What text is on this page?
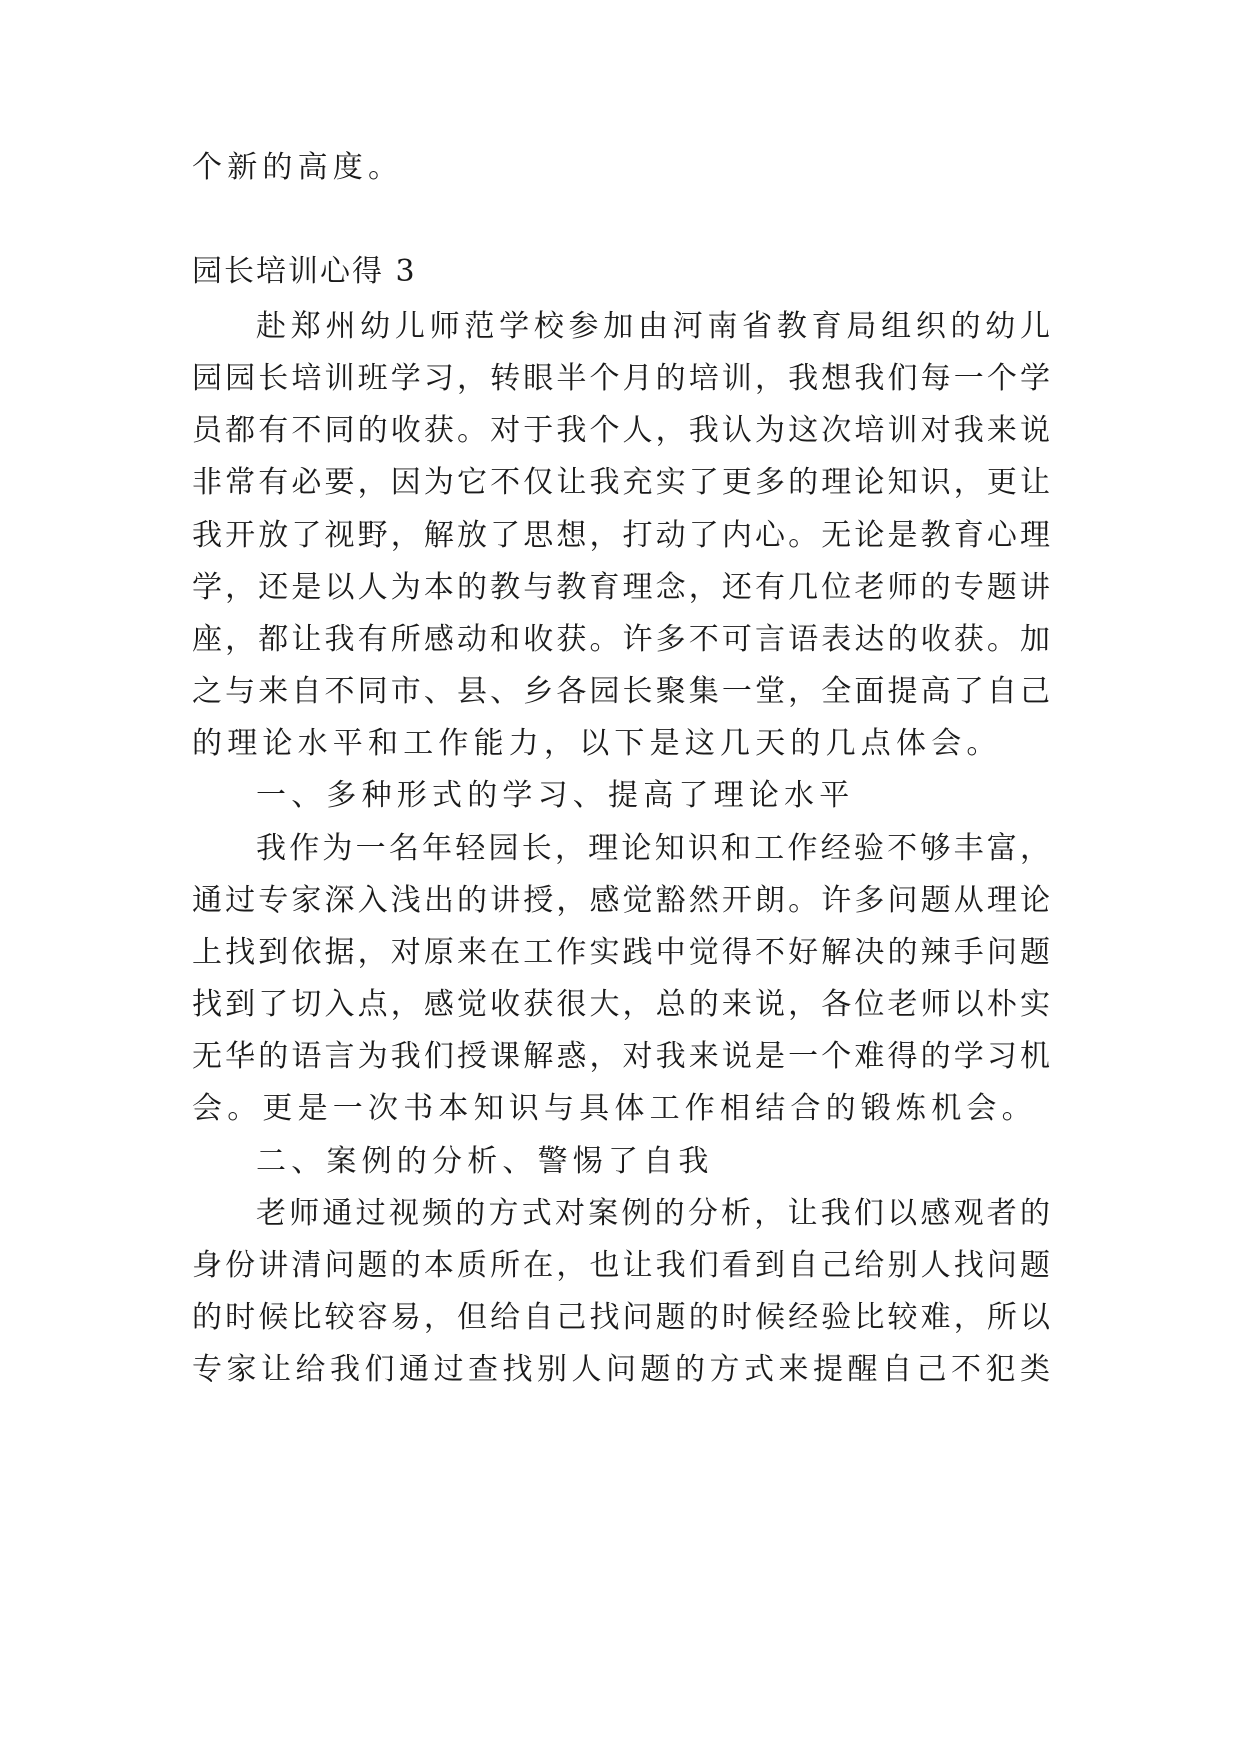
个新的高度。

园长培训心得 3

赴郑州幼儿师范学校参加由河南省教育局组织的幼儿

园园长培训班学习，转眼半个月的培训，我想我们每一个学

员都有不同的收获。对于我个人，我认为这次培训对我来说

非常有必要，因为它不仅让我充实了更多的理论知识，更让

我开放了视野，解放了思想，打动了内心。无论是教育心理

学，还是以人为本的教与教育理念，还有几位老师的专题讲

座，都让我有所感动和收获。许多不可言语表达的收获。加

之与来自不同市、县、乡各园长聚集一堂，全面提高了自己

的理论水平和工作能力，以下是这几天的几点体会。

一、多种形式的学习、提高了理论水平

我作为一名年轻园长，理论知识和工作经验不够丰富，

通过专家深入浅出的讲授，感觉豁然开朗。许多问题从理论

上找到依据，对原来在工作实践中觉得不好解决的辣手问题

找到了切入点，感觉收获很大，总的来说，各位老师以朴实

无华的语言为我们授课解惑，对我来说是一个难得的学习机

会。更是一次书本知识与具体工作相结合的锻炼机会。

二、案例的分析、警惕了自我

老师通过视频的方式对案例的分析，让我们以感观者的

身份讲清问题的本质所在，也让我们看到自己给别人找问题

的时候比较容易，但给自己找问题的时候经验比较难，所以

专家让给我们通过查找别人问题的方式来提醒自己不犯类
